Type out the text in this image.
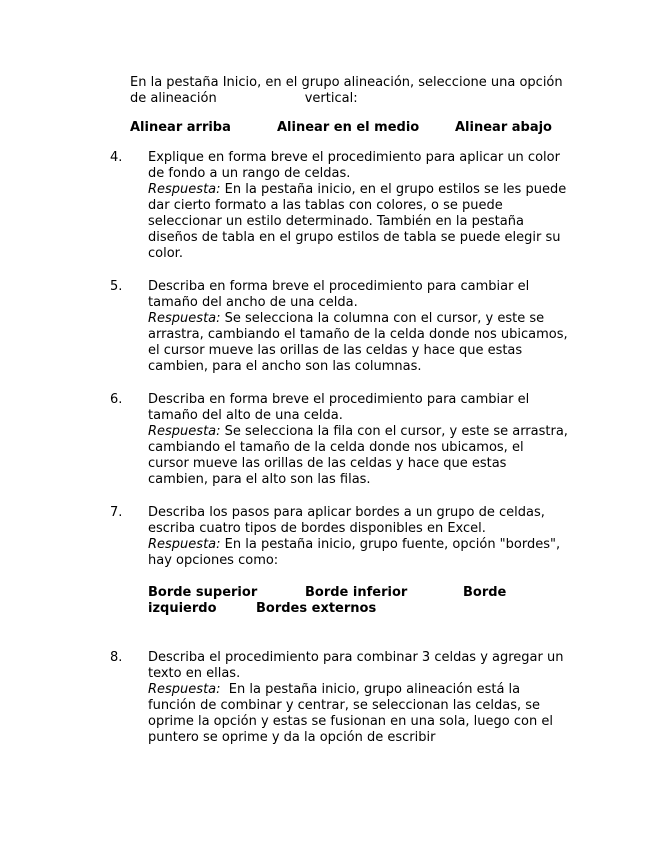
En la pestaña Inicio, en el grupo alineación, seleccione una opción
de alineación	vertical:
Alinear arriba	Alinear en el medio	Alinear abajo
4. Explique en forma breve el procedimiento para aplicar un color de fondo a un rango de celdas.

Respuesta: En la pestaña inicio, en el grupo estilos se les puede dar cierto formato a las tablas con colores, o se puede seleccionar un estilo determinado. También en la pestaña diseños de tabla en el grupo estilos de tabla se puede elegir su color.

5. Describa en forma breve el procedimiento para cambiar el tamaño del ancho de una celda.

Respuesta: Se selecciona la columna con el cursor, y este se arrastra, cambiando el tamaño de la celda donde nos ubicamos, el cursor mueve las orillas de las celdas y hace que estas cambien, para el ancho son las columnas.

6. Describa en forma breve el procedimiento para cambiar el tamaño del alto de una celda.

Respuesta: Se selecciona la fila con el cursor, y este se arrastra, cambiando el tamaño de la celda donde nos ubicamos, el cursor mueve las orillas de las celdas y hace que estas cambien, para el alto son las filas.

7. Describa los pasos para aplicar bordes a un grupo de celdas, escriba cuatro tipos de bordes disponibles en Excel.

Respuesta: En la pestaña inicio, grupo fuente, opción "bordes", hay opciones como:

Borde superior	Borde inferior	Borde
izquierdo	Bordes externos
8. Describa el procedimiento para combinar 3 celdas y agregar un texto en ellas.

Respuesta:  En la pestaña inicio, grupo alineación está la función de combinar y centrar, se seleccionan las celdas, se oprime la opción y estas se fusionan en una sola, luego con el puntero se oprime y da la opción de escribir
